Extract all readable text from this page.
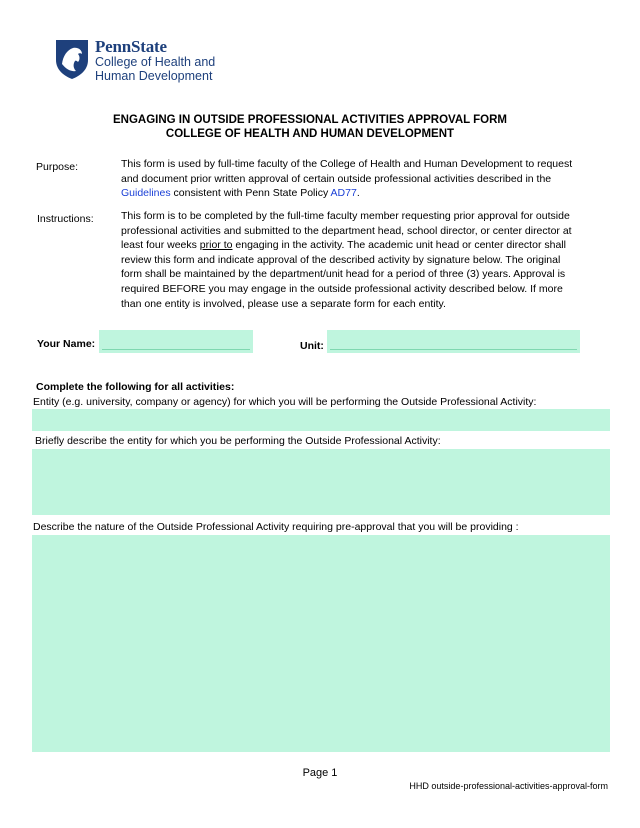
PennState
College of Health and
Human Development
ENGAGING IN OUTSIDE PROFESSIONAL ACTIVITIES APPROVAL FORM
COLLEGE OF HEALTH AND HUMAN DEVELOPMENT
Purpose:	This form is used by full-time faculty of the College of Health and Human Development to request and document prior written approval of certain outside professional activities described in the Guidelines consistent with Penn State Policy AD77.
Instructions:	This form is to be completed by the full-time faculty member requesting prior approval for outside professional activities and submitted to the department head, school director, or center director at least four weeks prior to engaging in the activity. The academic unit head or center director shall review this form and indicate approval of the described activity by signature below. The original form shall be maintained by the department/unit head for a period of three (3) years. Approval is required BEFORE you may engage in the outside professional activity described below. If more than one entity is involved, please use a separate form for each entity.
Your Name:	Unit:
Complete the following for all activities:
Entity (e.g. university, company or agency) for which you will be performing the Outside Professional Activity:
Briefly describe the entity for which you be performing the Outside Professional Activity:
Describe the nature of the Outside Professional Activity requiring pre-approval that you will be providing :
Page 1
HHD outside-professional-activities-approval-form
